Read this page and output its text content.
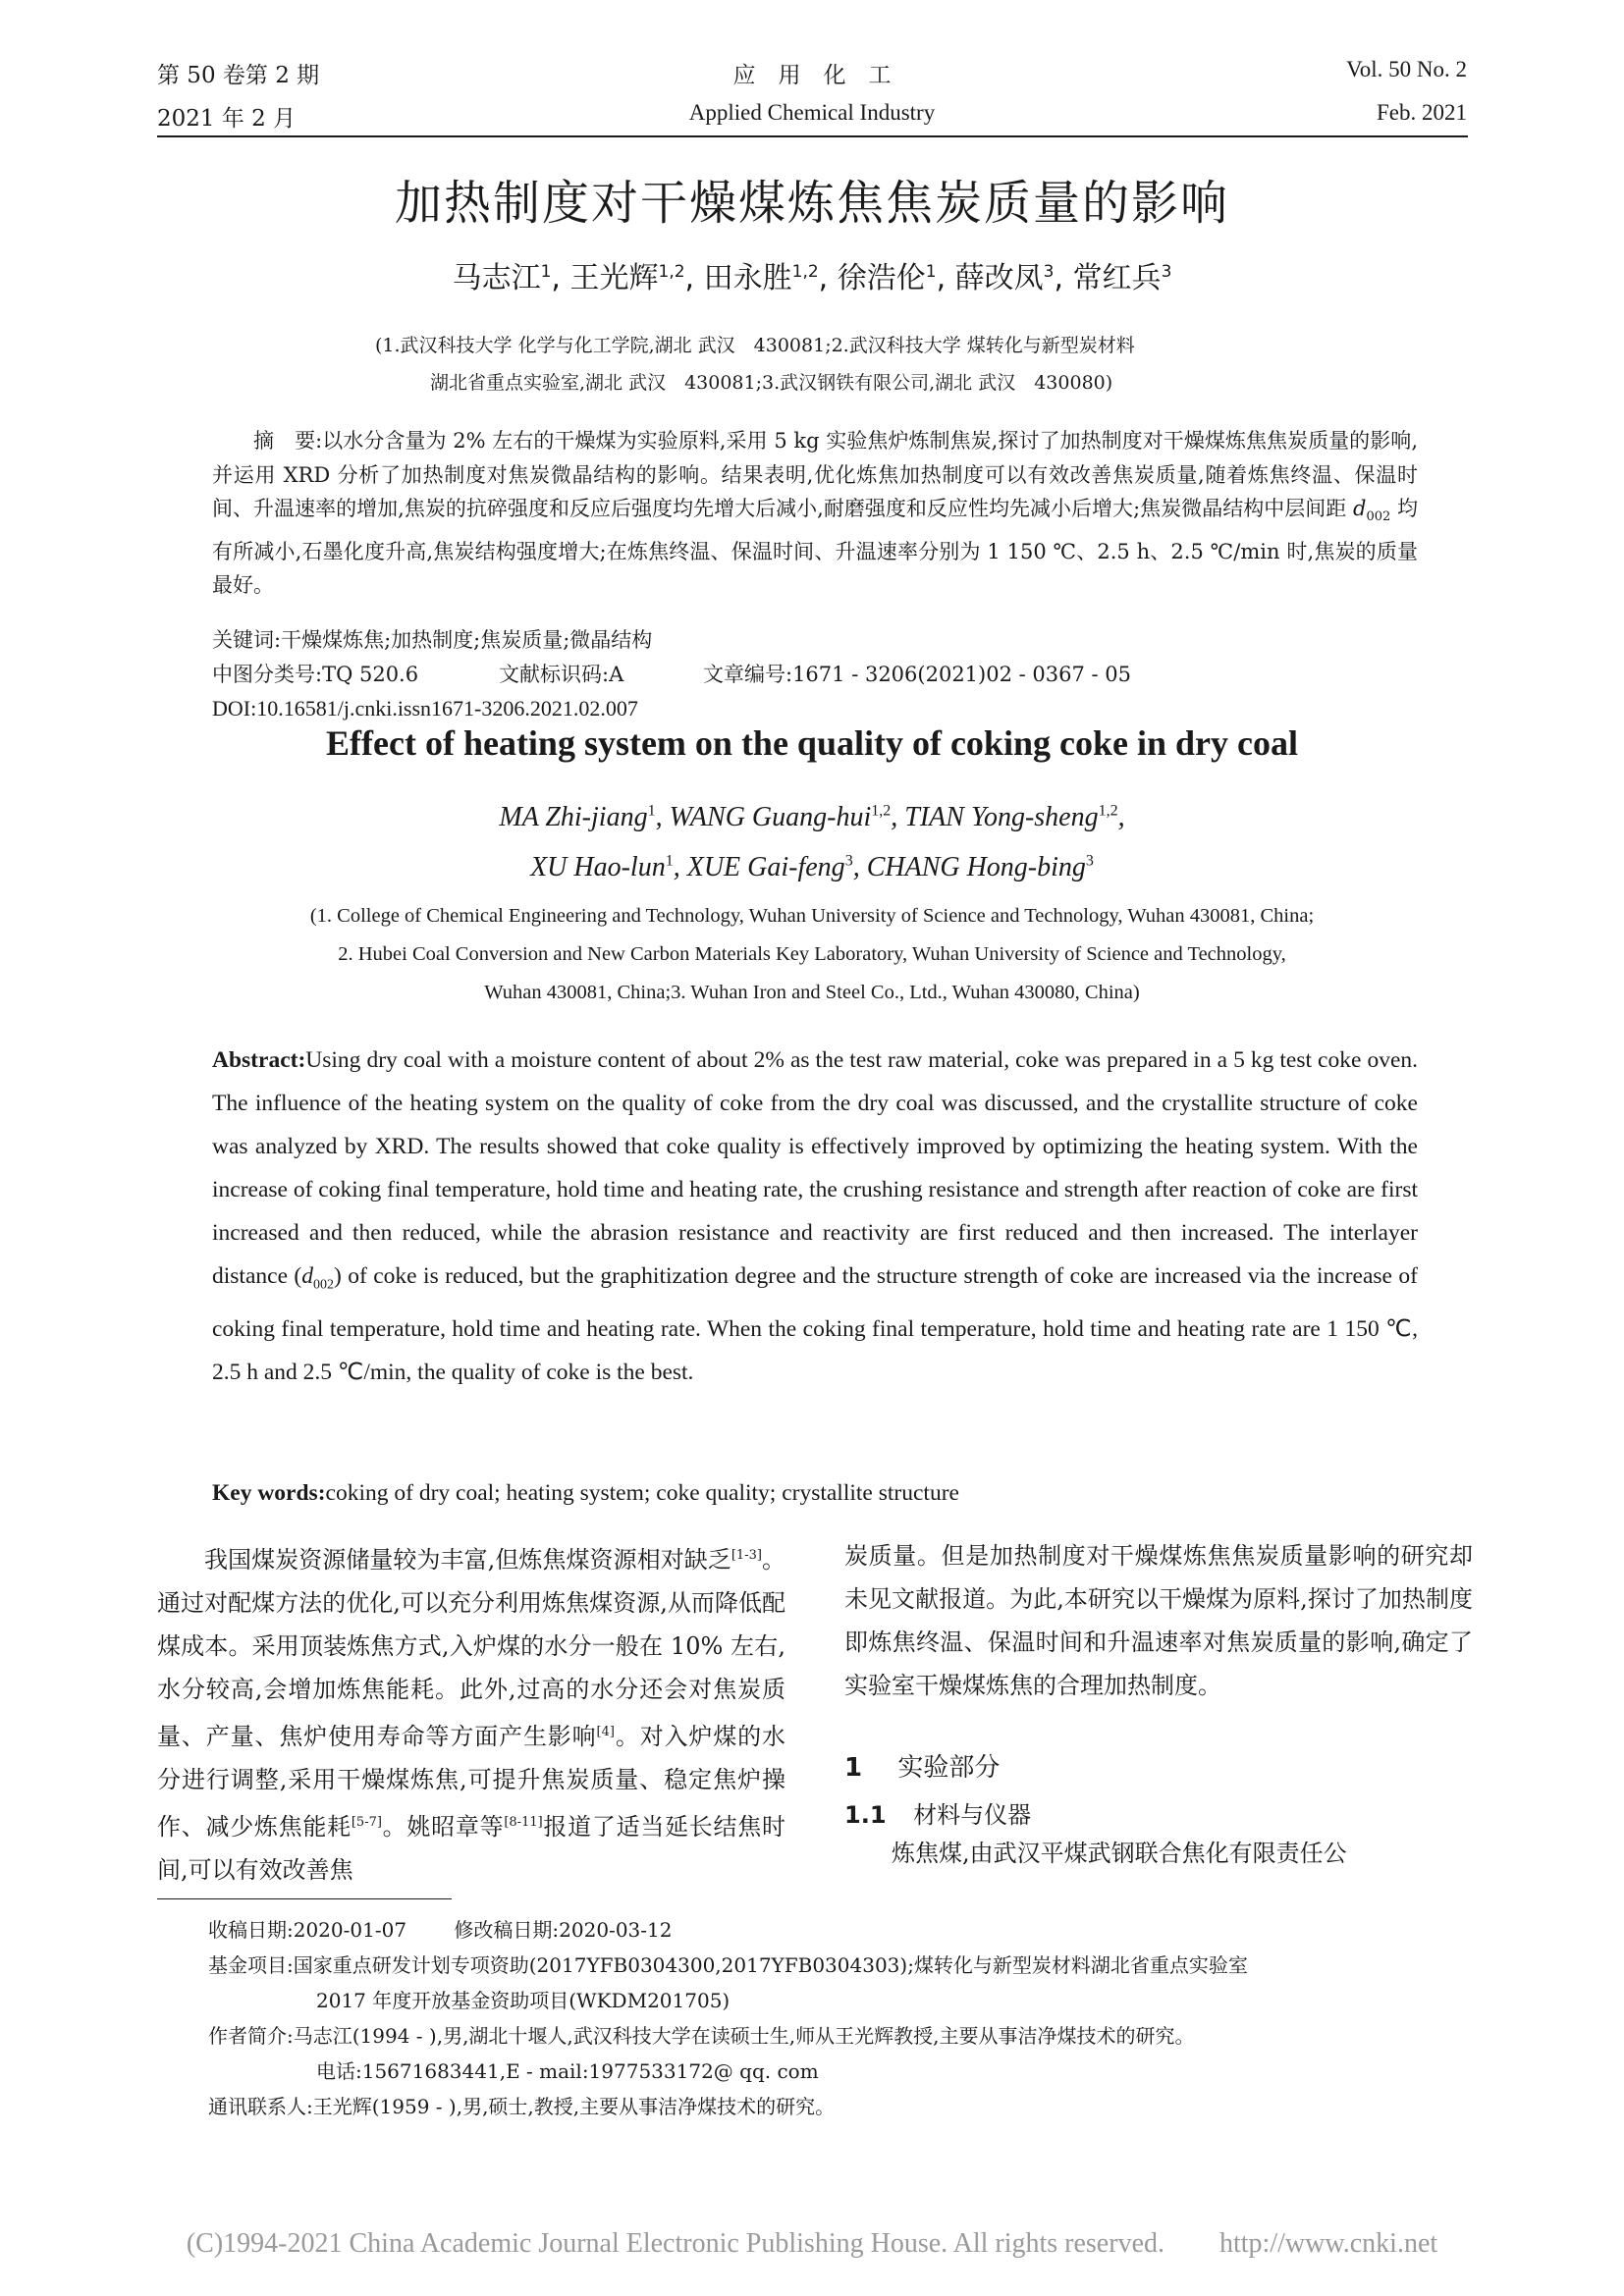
第 50 卷第 2 期
2021 年 2 月
应　用　化　工
Applied Chemical Industry
Vol. 50 No. 2
Feb. 2021
加热制度对干燥煤炼焦焦炭质量的影响
马志江$^1$, 王光辉$^{1,2}$, 田永胜$^{1,2}$, 徐浩伦$^1$, 薛改凤$^3$, 常红兵$^3$
(1.武汉科技大学 化学与化工学院,湖北 武汉　430081;2.武汉科技大学 煤转化与新型炭材料
湖北省重点实验室,湖北 武汉　430081;3.武汉钢铁有限公司,湖北 武汉　430080)
摘　要:以水分含量为 2% 左右的干燥煤为实验原料,采用 5 kg 实验焦炉炼制焦炭,探讨了加热制度对干燥煤炼焦焦炭质量的影响,并运用 XRD 分析了加热制度对焦炭微晶结构的影响。结果表明,优化炼焦加热制度可以有效改善焦炭质量,随着炼焦终温、保温时间、升温速率的增加,焦炭的抗碎强度和反应后强度均先增大后减小,耐磨强度和反应性均先减小后增大;焦炭微晶结构中层间距 $d_{002}$ 均有所减小,石墨化度升高,焦炭结构强度增大;在炼焦终温、保温时间、升温速率分别为 1 150 ℃、2.5 h、2.5 ℃/min 时,焦炭的质量最好。
关键词:干燥煤炼焦;加热制度;焦炭质量;微晶结构
中图分类号:TQ 520.6	文献标识码:A	文章编号:1671 - 3206(2021)02 - 0367 - 05
DOI:10.16581/j.cnki.issn1671-3206.2021.02.007
Effect of heating system on the quality of coking coke in dry coal
MA Zhi-jiang$^1$, WANG Guang-hui$^{1,2}$, TIAN Yong-sheng$^{1,2}$,
XU Hao-lun$^1$, XUE Gai-feng$^3$, CHANG Hong-bing$^3$
(1. College of Chemical Engineering and Technology, Wuhan University of Science and Technology, Wuhan 430081, China;
2. Hubei Coal Conversion and New Carbon Materials Key Laboratory, Wuhan University of Science and Technology,
Wuhan 430081, China;3. Wuhan Iron and Steel Co., Ltd., Wuhan 430080, China)
Abstract:Using dry coal with a moisture content of about 2% as the test raw material, coke was prepared in a 5 kg test coke oven. The influence of the heating system on the quality of coke from the dry coal was discussed, and the crystallite structure of coke was analyzed by XRD. The results showed that coke quality is effectively improved by optimizing the heating system. With the increase of coking final temperature, hold time and heating rate, the crushing resistance and strength after reaction of coke are first increased and then reduced, while the abrasion resistance and reactivity are first reduced and then increased. The interlayer distance $(d_{002})$ of coke is reduced, but the graphitization degree and the structure strength of coke are increased via the increase of coking final temperature, hold time and heating rate. When the coking final temperature, hold time and heating rate are 1 150 ℃, 2.5 h and 2.5 ℃/min, the quality of coke is the best.
Key words:coking of dry coal; heating system; coke quality; crystallite structure
我国煤炭资源储量较为丰富,但炼焦煤资源相对缺乏[1-3]。通过对配煤方法的优化,可以充分利用炼焦煤资源,从而降低配煤成本。采用顶装炼焦方式,入炉煤的水分一般在 10% 左右,水分较高,会增加炼焦能耗。此外,过高的水分还会对焦炭质量、产量、焦炉使用寿命等方面产生影响[4]。对入炉煤的水分进行调整,采用干燥煤炼焦,可提升焦炭质量、稳定焦炉操作、减少炼焦能耗[5-7]。姚昭章等[8-11]报道了适当延长结焦时间,可以有效改善焦
炭质量。但是加热制度对干燥煤炼焦焦炭质量影响的研究却未见文献报道。为此,本研究以干燥煤为原料,探讨了加热制度即炼焦终温、保温时间和升温速率对焦炭质量的影响,确定了实验室干燥煤炼焦的合理加热制度。
1 实验部分
1.1 材料与仪器
炼焦煤,由武汉平煤武钢联合焦化有限责任公
收稿日期:2020-01-07 修改稿日期:2020-03-12
基金项目:国家重点研发计划专项资助(2017YFB0304300,2017YFB0304303);煤转化与新型炭材料湖北省重点实验室
2017 年度开放基金资助项目(WKDM201705)
作者简介:马志江(1994 - ),男,湖北十堰人,武汉科技大学在读硕士生,师从王光辉教授,主要从事洁净煤技术的研究。
电话:15671683441,E - mail:1977533172@ qq. com
通讯联系人:王光辉(1959 - ),男,硕士,教授,主要从事洁净煤技术的研究。
(C)1994-2021 China Academic Journal Electronic Publishing House. All rights reserved.　　http://www.cnki.net
